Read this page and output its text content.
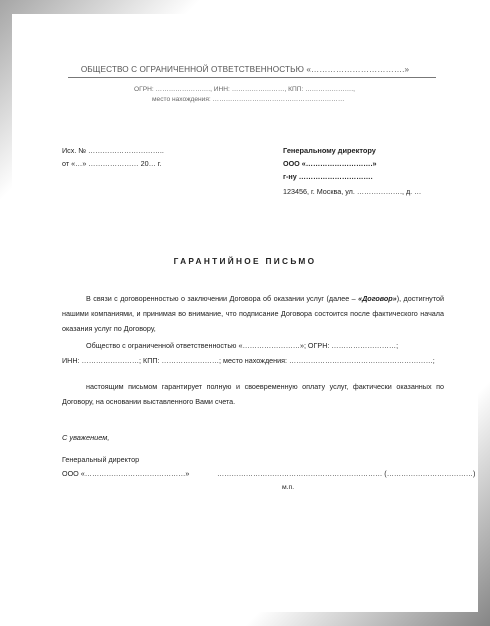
ОБЩЕСТВО С ОГРАНИЧЕННОЙ ОТВЕТСТВЕННОСТЬЮ «…………………………….»
ОГРН: ……………………., ИНН: ……………………, КПП: ………………….,
место нахождения: ……………………………………………………
Исх. № …………………………..
от «…» ………………… 20… г.
Генеральному директору
ООО «……………………….»
г-ну ………………………….
123456, г. Москва, ул. ………………., д. …
ГАРАНТИЙНОЕ ПИСЬМО
В связи с договоренностью о заключении Договора об оказании услуг (далее – «Договор»), достигнутой нашими компаниями, и принимая во внимание, что подписание Договора состоится после фактического начала оказания услуг по Договору,
Общество с ограниченной ответственностью «……………………»; ОГРН: ………………………;
ИНН: ……………………; КПП: ……………………; место нахождения: ……………………………………………………;
настоящим письмом гарантирует полную и своевременную оплату услуг, фактически оказанных по Договору, на основании выставленного Вами счета.
С уважением,
Генеральный директор
ООО «……………………………………»	…………………………………………………………… (………………………………)
м.п.
